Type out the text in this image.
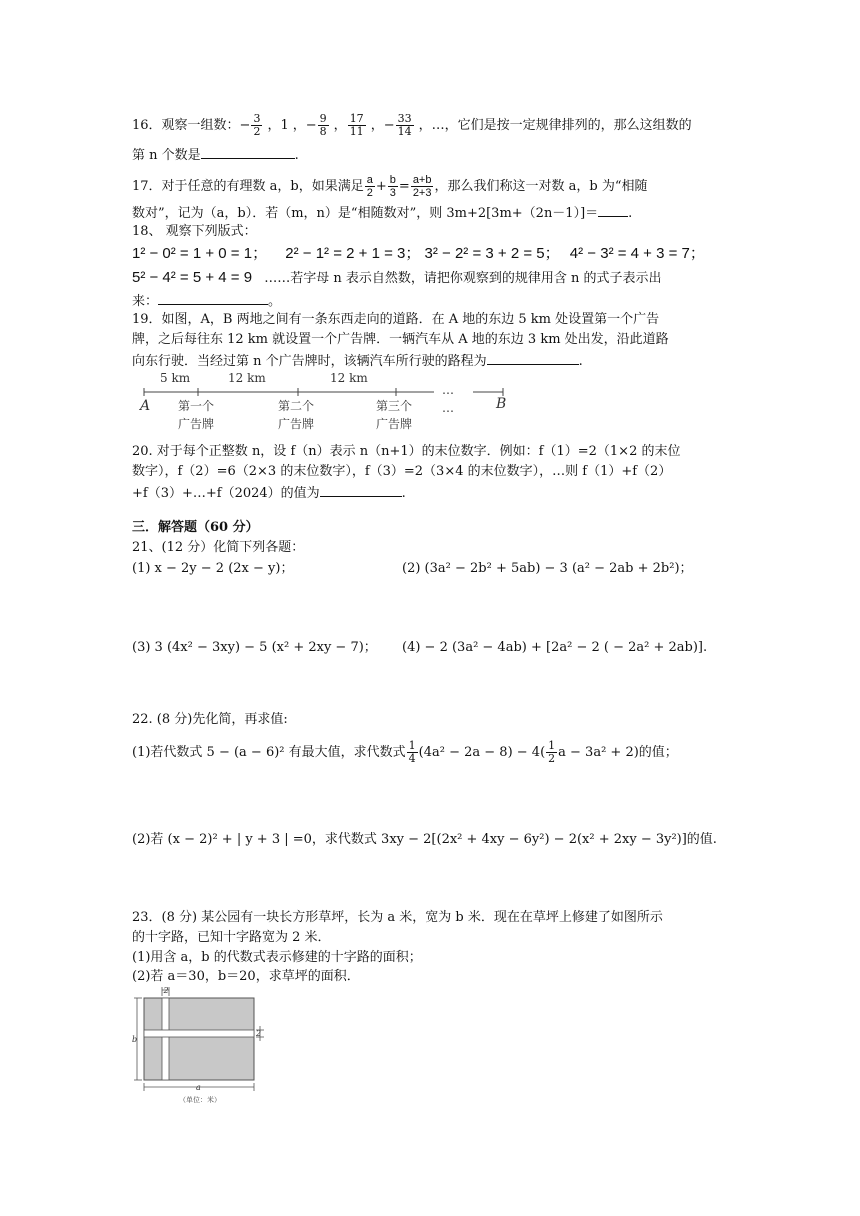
16．观察一组数：− $\frac{3}{2}$ ，1 ，− $\frac{9}{8}$ ， $\frac{17}{11}$ ，− $\frac{33}{14}$ ，…，它们是按一定规律排列的，那么这组数的
第 n 个数是	.
17．对于任意的有理数 a，b，如果满足 $\frac{a}{2} + \frac{b}{3} = \frac{a+b}{2+3}$ ，那么我们称这一对数 a，b 为“相随
数对”，记为（a，b）．若（m，n）是“相随数对”，则 3m+2[3m+（2n－1）]＝ .
18、 观察下列版式：
1² − 0² = 1 + 0 = 1； 2² − 1² = 2 + 1 = 3； 3² − 2² = 3 + 2 = 5； 4² − 3² = 4 + 3 = 7；
5² − 4² = 5 + 4 = 9 ……若字母 n 表示自然数，请把你观察到的规律用含 n 的式子表示出
来：	。
19．如图，A，B 两地之间有一条东西走向的道路．在 A 地的东边 5 km 处设置第一个广告
牌，之后每往东 12 km 就设置一个广告牌．一辆汽车从 A 地的东边 3 km 处出发，沿此道路
向东行驶．当经过第 n 个广告牌时，该辆汽车所行驶的路程为	.
5 km	12 km	12 km
…
…
A	B
第一个
广告牌
第二个
广告牌
第三个
广告牌
20. 对于每个正整数 n，设 f（n）表示 n（n+1）的末位数字．例如：f（1）=2（1×2 的末位
数字），f（2）=6（2×3 的末位数字），f（3）=2（3×4 的末位数字），…则 f（1）+f（2）
+f（3）+…+f（2024）的值为	.
三．解答题（60 分）
21、(12 分）化简下列各题：
(1) x − 2y − 2 (2x − y)；	(2) (3a² − 2b² + 5ab) − 3 (a² − 2ab + 2b²)；
(3) 3 (4x² − 3xy) − 5 (x² + 2xy − 7)； (4) − 2 (3a² − 4ab) + [2a² − 2 ( − 2a² + 2ab)].
22. (8 分)先化简，再求值:
(1)若代数式 5 − (a − 6)² 有最大值，求代数式 $\frac{1}{4} (4a^2 - 2a - 8) - 4( \frac{1}{2}$ a − 3a² + 2)的值；
(2)若 (x − 2)² + | y + 3 | =0，求代数式 3xy − 2[(2x² + 4xy − 6y²) − 2(x² + 2xy − 3y²)]的值.
23．(8 分) 某公园有一块长方形草坪，长为 a 米，宽为 b 米．现在在草坪上修建了如图所示
的十字路，已知十字路宽为 2 米．
(1)用含 a，b 的代数式表示修建的十字路的面积；
(2)若 a＝30，b＝20，求草坪的面积．
2
b
2
a
（单位：米）
